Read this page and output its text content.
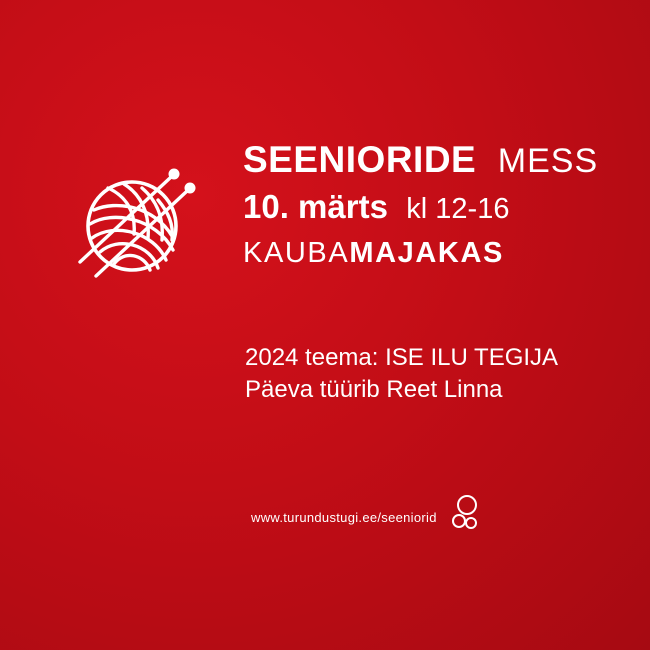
SEENIORIDE MESS
10. märts kl 12-16
KAUBAMAJAKAS
2024 teema: ISE ILU TEGIJA
Päeva tüürib Reet Linna
www.turundustugi.ee/seeniorid
